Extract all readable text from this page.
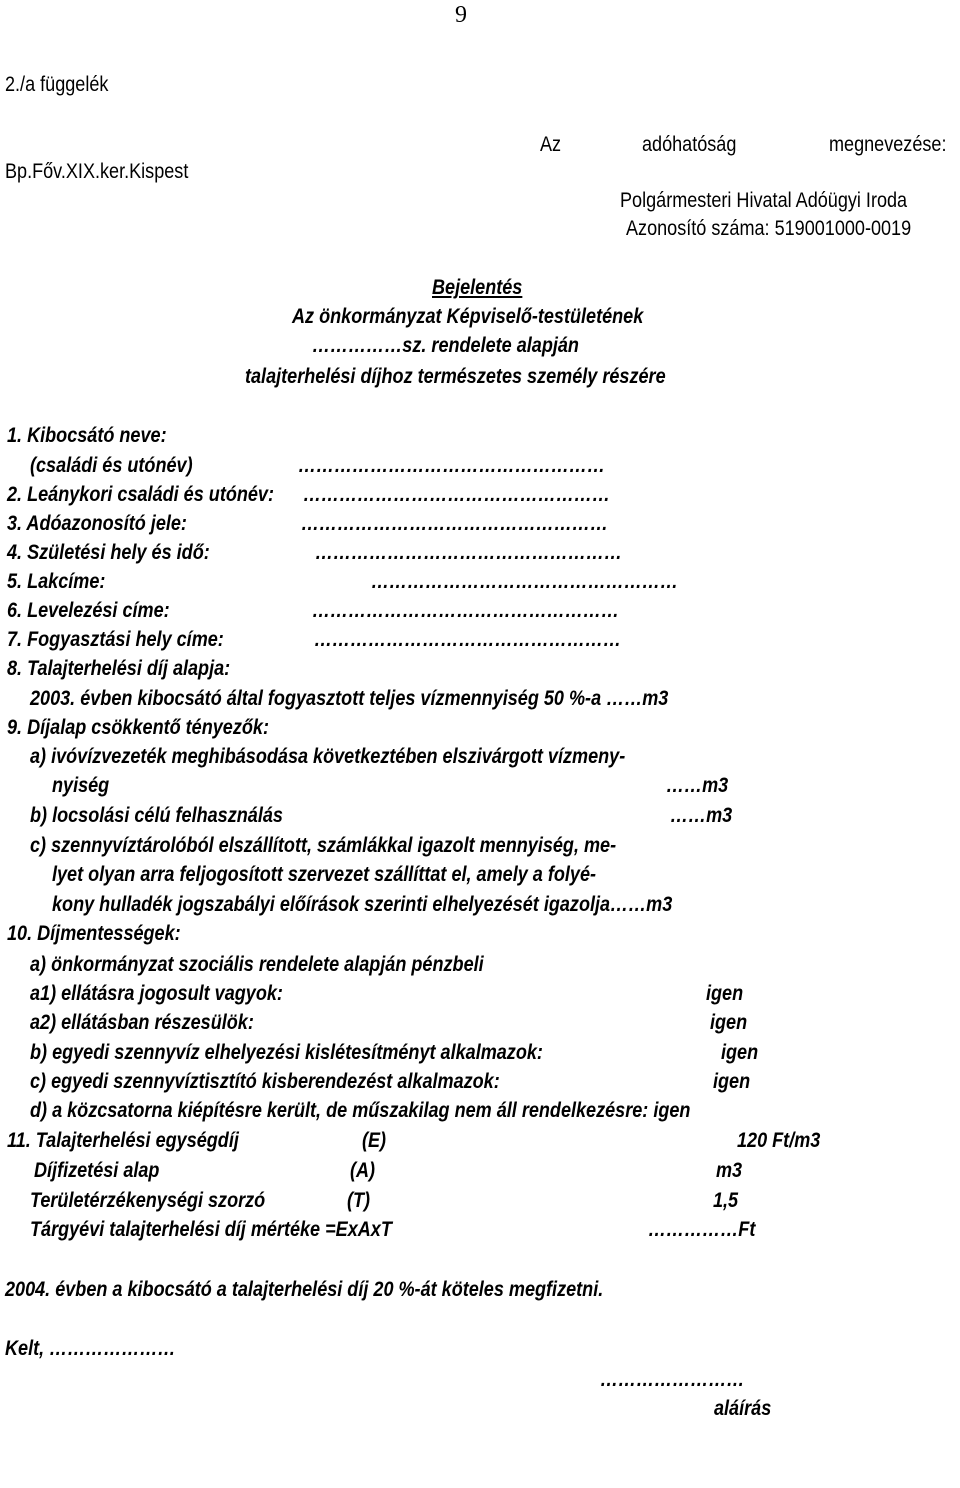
9
2./a függelék
Az	adóhatóság	megnevezése:
Bp.Főv.XIX.ker.Kispest
Polgármesteri Hivatal Adóügyi Iroda
Azonosító száma: 519001000-0019
Bejelentés
Az önkormányzat Képviselő-testületének
……………sz. rendelete alapján
talajterhelési díjhoz természetes személy részére
1. Kibocsátó neve:
(családi és utónév)	……………………………………………
2. Leánykori családi és utónév: ……………………………………………
3. Adóazonosító jele:	……………………………………………
4. Születési hely és idő:	……………………………………………
5. Lakcíme:	……………………………………………
6. Levelezési címe:	……………………………………………
7. Fogyasztási hely címe:	……………………………………………
8. Talajterhelési díj alapja:
2003. évben kibocsátó által fogyasztott teljes vízmennyiség 50 %-a ……m3
9. Díjalap csökkentő tényezők:
a) ivóvízvezeték meghibásodása következtében elszivárgott vízmeny-
nyiség	……m3
b) locsolási célú felhasználás	……m3
c) szennyvíztárolóból elszállított, számlákkal igazolt mennyiség, me-
lyet olyan arra feljogosított szervezet szállíttat el, amely a folyé-
kony hulladék jogszabályi előírások szerinti elhelyezését igazolja……m3
10. Díjmentességek:
a) önkormányzat szociális rendelete alapján pénzbeli
a1) ellátásra jogosult vagyok:	igen
a2) ellátásban részesülök:	igen
b) egyedi szennyvíz elhelyezési kislétesítményt alkalmazok:	igen
c) egyedi szennyvíztisztító kisberendezést alkalmazok:	igen
d) a közcsatorna kiépítésre került, de műszakilag nem áll rendelkezésre: igen
11. Talajterhelési egységdíj	(E)	120 Ft/m3
Díjfizetési alap	(A)	m3
Területérzékenységi szorzó	(T)	1,5
Tárgyévi talajterhelési díj mértéke =ExAxT	……………Ft
2004. évben a kibocsátó a talajterhelési díj 20 %-át köteles megfizetni.
Kelt, …………………
……………………
aláírás
